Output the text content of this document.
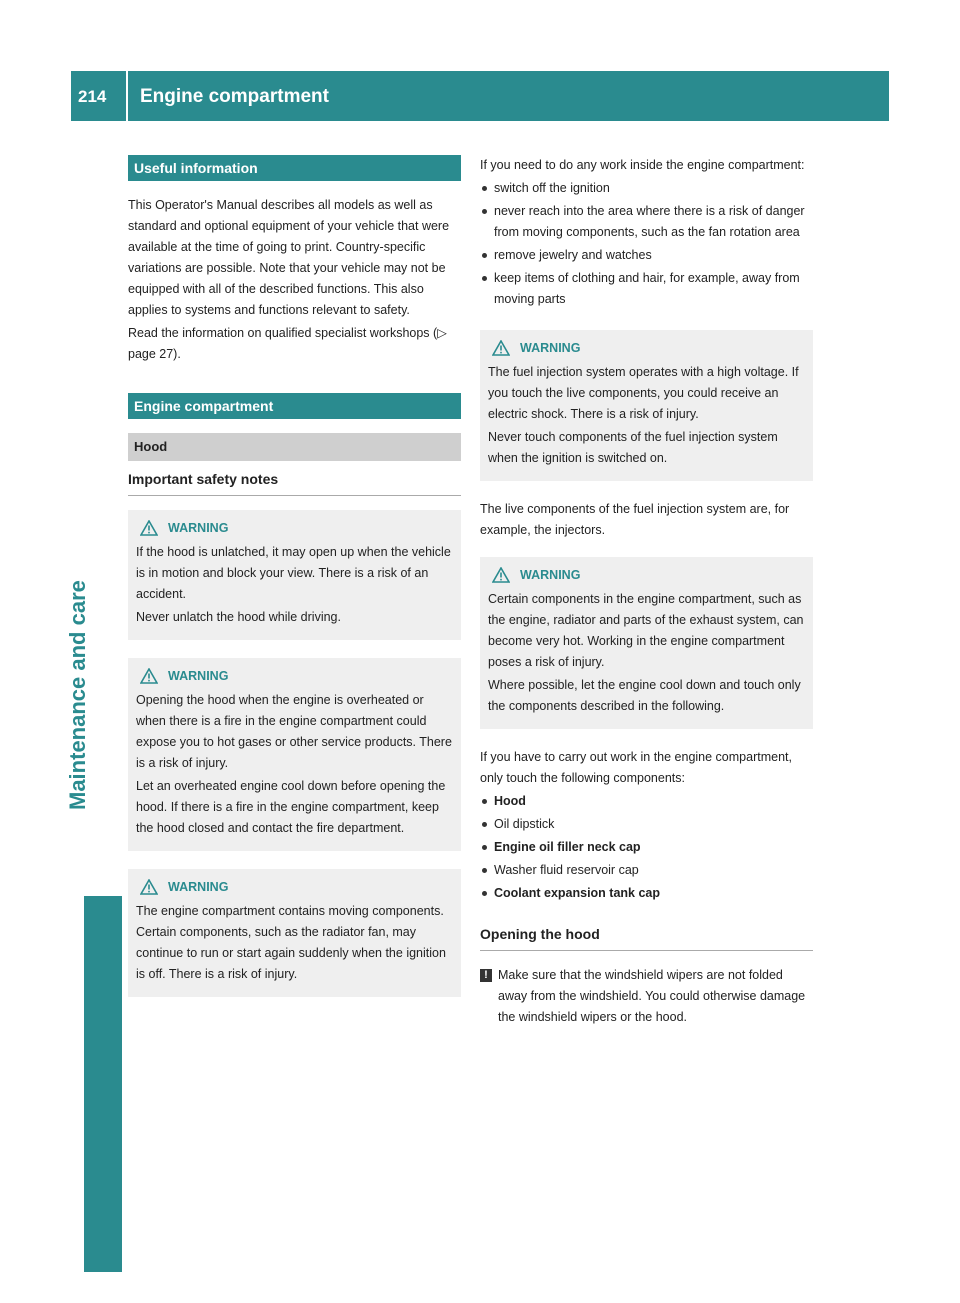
214 Engine compartment
Maintenance and care
Useful information

This Operator's Manual describes all models as well as standard and optional equipment of your vehicle that were available at the time of going to print. Country-specific variations are possible. Note that your vehicle may not be equipped with all of the described functions. This also applies to systems and functions relevant to safety.

Read the information on qualified specialist workshops (▷ page 27).

Engine compartment
Hood
Important safety notes
WARNING

If the hood is unlatched, it may open up when the vehicle is in motion and block your view. There is a risk of an accident.

Never unlatch the hood while driving.

WARNING

Opening the hood when the engine is overheated or when there is a fire in the engine compartment could expose you to hot gases or other service products. There is a risk of injury.

Let an overheated engine cool down before opening the hood. If there is a fire in the engine compartment, keep the hood closed and contact the fire department.

WARNING

The engine compartment contains moving components. Certain components, such as the radiator fan, may continue to run or start again suddenly when the ignition is off. There is a risk of injury.

If you need to do any work inside the engine compartment:

switch off the ignition
never reach into the area where there is a risk of danger from moving components, such as the fan rotation area
remove jewelry and watches
keep items of clothing and hair, for example, away from moving parts
WARNING

The fuel injection system operates with a high voltage. If you touch the live components, you could receive an electric shock. There is a risk of injury.

Never touch components of the fuel injection system when the ignition is switched on.

The live components of the fuel injection system are, for example, the injectors.

WARNING

Certain components in the engine compartment, such as the engine, radiator and parts of the exhaust system, can become very hot. Working in the engine compartment poses a risk of injury.

Where possible, let the engine cool down and touch only the components described in the following.

If you have to carry out work in the engine compartment, only touch the following components:

Hood
Oil dipstick
Engine oil filler neck cap
Washer fluid reservoir cap
Coolant expansion tank cap
Opening the hood
! Make sure that the windshield wipers are not folded away from the windshield. You could otherwise damage the windshield wipers or the hood.
